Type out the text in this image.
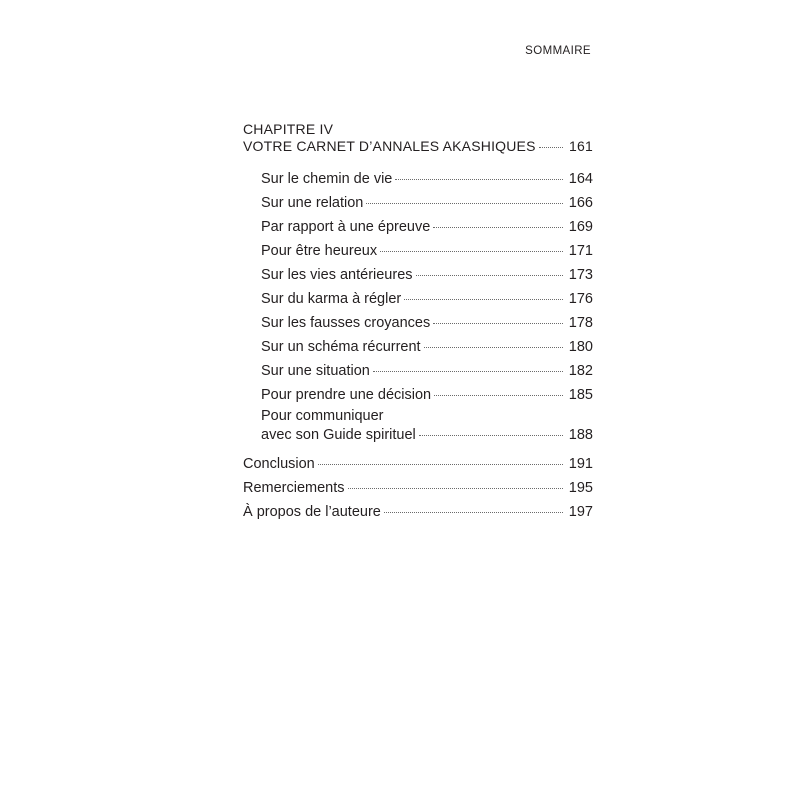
SOMMAIRE
CHAPITRE IV
VOTRE CARNET D’ANNALES AKASHIQUES 161
Sur le chemin de vie	164
Sur une relation	166
Par rapport à une épreuve	169
Pour être heureux	171
Sur les vies antérieures	173
Sur du karma à régler	176
Sur les fausses croyances	178
Sur un schéma récurrent	180
Sur une situation	182
Pour prendre une décision	185
Pour communiquer
avec son Guide spirituel	188
Conclusion	191
Remerciements	195
À propos de l’auteure	197
